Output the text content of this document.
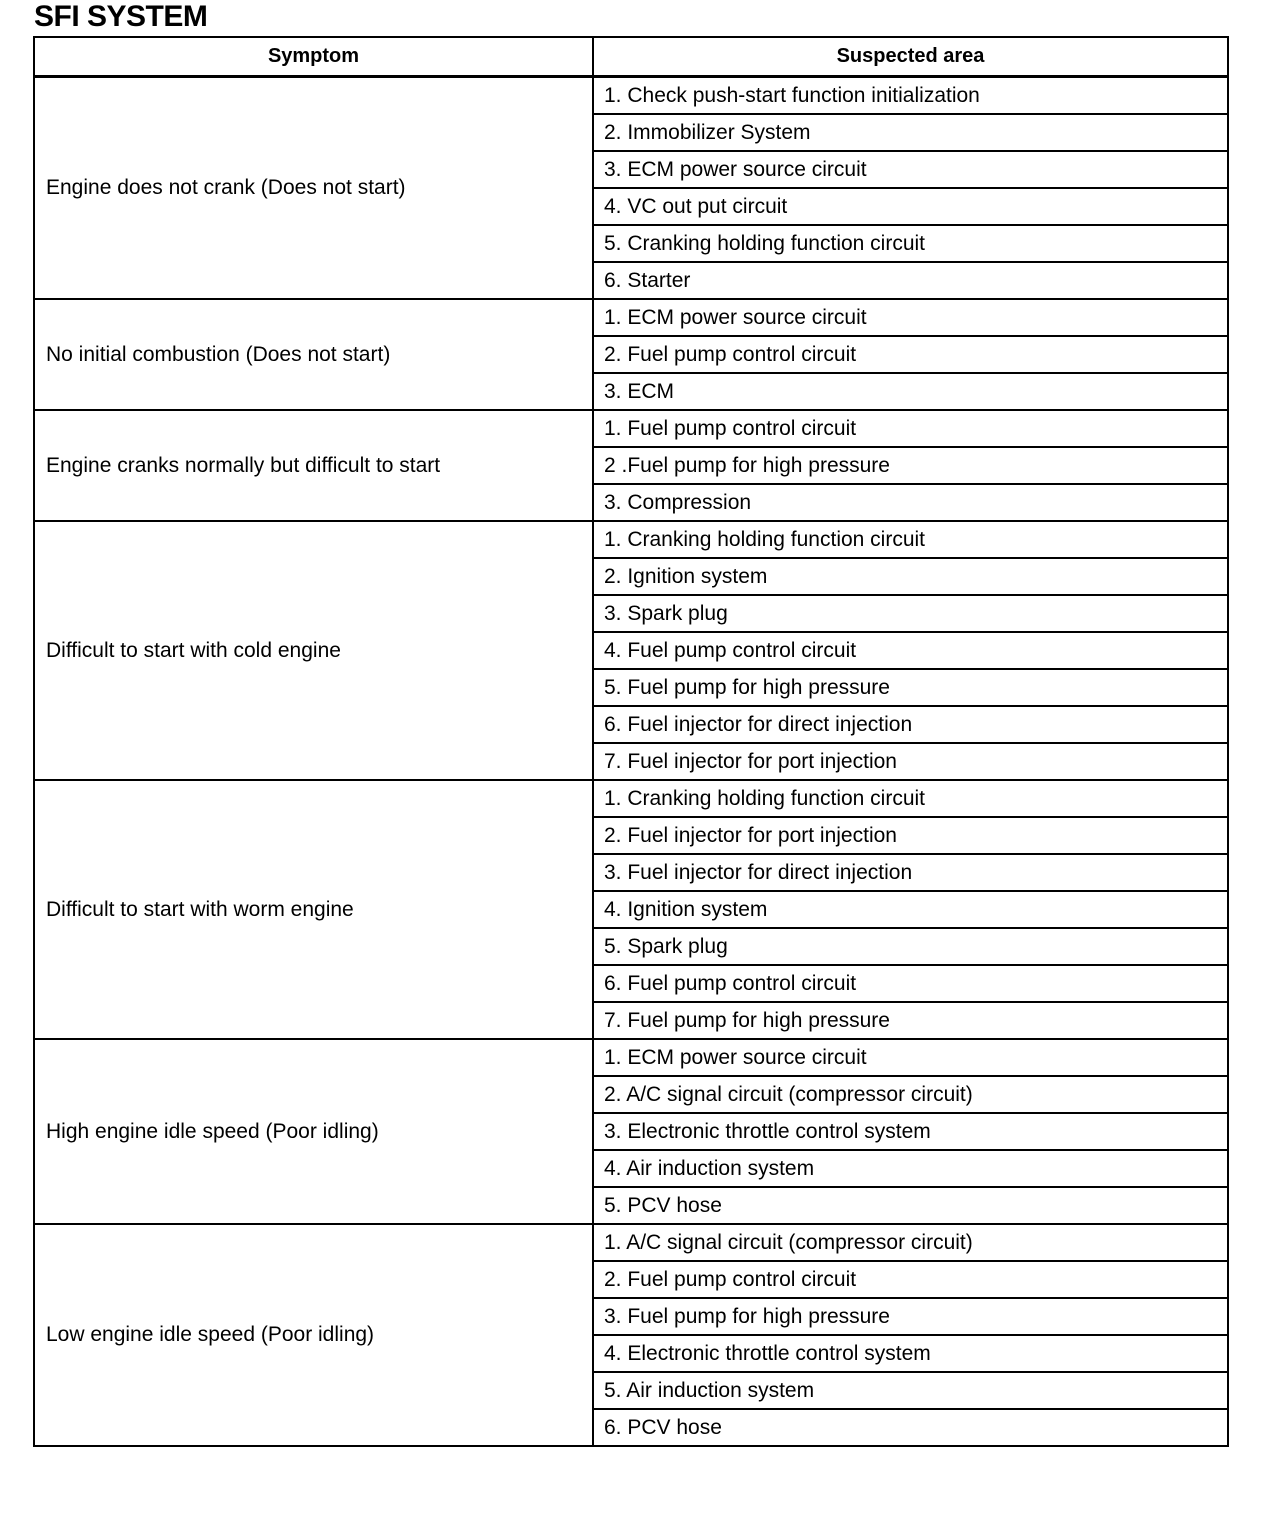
SFI SYSTEM
Symptom	Suspected area
Engine does not crank (Does not start)	1. Check push-start function initialization
	2. Immobilizer System
	3. ECM power source circuit
	4. VC out put circuit
	5. Cranking holding function circuit
	6. Starter
No initial combustion (Does not start)	1. ECM power source circuit
	2. Fuel pump control circuit
	3. ECM
Engine cranks normally but difficult to start	1. Fuel pump control circuit
	2 .Fuel pump for high pressure
	3. Compression
Difficult to start with cold engine	1. Cranking holding function circuit
	2. Ignition system
	3. Spark plug
	4. Fuel pump control circuit
	5. Fuel pump for high pressure
	6. Fuel injector for direct injection
	7. Fuel injector for port injection
Difficult to start with worm engine	1. Cranking holding function circuit
	2. Fuel injector for port injection
	3. Fuel injector for direct injection
	4. Ignition system
	5. Spark plug
	6. Fuel pump control circuit
	7. Fuel pump for high pressure
High engine idle speed (Poor idling)	1. ECM power source circuit
	2. A/C signal circuit (compressor circuit)
	3. Electronic throttle control system
	4. Air induction system
	5. PCV hose
Low engine idle speed (Poor idling)	1. A/C signal circuit (compressor circuit)
	2. Fuel pump control circuit
	3. Fuel pump for high pressure
	4. Electronic throttle control system
	5. Air induction system
	6. PCV hose
